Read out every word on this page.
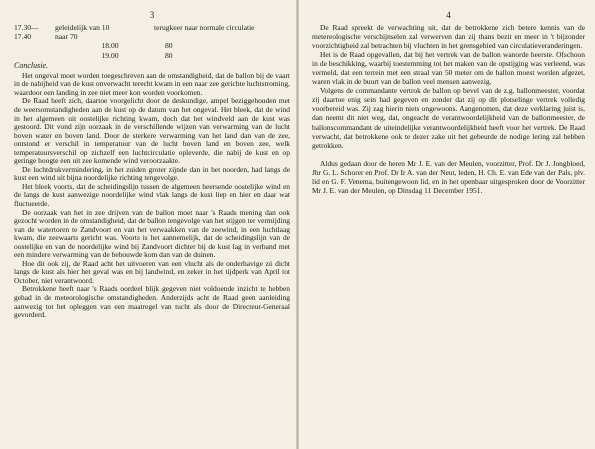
3
17.30—17.40
geleidelijk van 10 naar 70
terugkeer naar normale circulatie
18.00	80
19.00	80
Conclusie.

Het ongeval moet worden toegeschreven aan de omstandigheid, dat de ballon bij de vaart in de nabijheid van de kust onverwacht terecht kwam in een naar zee gerichte luchtstroming, waardoor een landing in zee niet meer kon worden voorkomen.

De Raad heeft zich, daartoe voorgelicht door de deskundige, ampel beziggehouden met de weersomstandigheden aan de kust op de datum van het ongeval. Het bleek, dat de wind in het algemeen uit oostelijke richting kwam, doch dat het windveld aan de kust was gestoord. Dit vond zijn oorzaak in de verschillende wijzen van verwarming van de lucht boven water en boven land. Door de sterkere verwarming van het land dan van de zee, ontstond er verschil in temperatuur van de lucht boven land en boven zee, welk temperatuursverschil op zichzelf een luchtcirculatie opleverde, die nabij de kust en op geringe hoogte een uit zee komende wind veroorzaakte.

De luchtdrukvermindering, in het zuiden groter zijnde dan in het noorden, had langs de kust een wind uit bijna noordelijke richting tengevolge.

Het bleek voorts, dat de scheidingslijn tussen de algemeen heersende oostelijke wind en de langs de kust aanwezige noordelijke wind vlak langs de kust liep en hier en daar wat fluctueerde.

De oorzaak van het in zee drijven van de ballon moet naar 's Raads mening dan ook gezocht worden in de omstandigheid, dat de ballon tengevolge van het stijgen ter vermijding van de watertoren te Zandvoort en van het verwaakken van de zeewind, in een luchtlaag kwam, die zeewaarts gericht was. Voorts is het aannemelijk, dat de scheidingslijn van de oostelijke en van de noordelijke wind bij Zandvoort dichter bij de kust lag in verband met een mindere verwarming van de bebouwde kom dan van de duinen.

Hoe dit ook zij, de Raad acht het uitvoeren van een vlucht als de onderhavige zó dicht langs de kust als hier het geval was en bij landwind, en zeker in het tijdperk van April tot October, niet verantwoord.

Betrokkene heeft naar 's Raads oordeel blijk gegeven niet voldoende inzicht te hebben gehad in de meteorologische omstandigheden. Anderzijds acht de Raad geen aanleiding aanwezig tot het opleggen van een maatregel van tucht als door de Directeur-Generaal gevorderd.

4

De Raad spreekt de verwachting uit, dat de betrokkene zich betere kennis van de metereologische verschijnselen zal verwerven dan zij thans bezit en meer in 't bijzonder voorzichtigheid zal betrachten bij vluchten in het grensgebied van circulatieveranderingen.

Het is de Raad opgevallen, dat bij het vertrek van de ballon wanorde heerste. Ofschoon in de beschikking, waarbij toestemming tot het maken van de opstijging was verleend, was vermeld, dat een terrein met een straal van 50 meter om de ballon moest worden afgezet, waren vlak in de buurt van de ballon veel mensen aanwezig.

Volgens de commandante vertrok de ballon op bevel van de z.g. ballonmeester, voordat zij daartoe enig sein had gegeven en zonder dat zij op dit plotselinge vertrek volledig voorbereid was. Zij zag hierin niets ongewoons. Aangenomen, dat deze verklaring juist is, dan neemt dit niet weg, dat, ongeacht de verantwoordelijkheid van de ballonmeester, de ballonscommandant de uiteindelijke verantwoordelijkheid heeft voor het vertrek. De Raad verwacht, dat betrokkene ook te dezer zake uit het gebeurde de nodige lering zal hebben getrokken.

Aldus gedaan door de heren Mr J. E. van der Meulen, voorzitter, Prof. Dr J. Jongbloed, Jhr G. L. Schorer en Prof. Dr Ir A. van der Neut, leden, H. Ch. E. van Ede van der Pals, plv. lid en G. F. Venema, buitengewoon lid, en in het openbaar uitgesproken door de Voorzitter Mr J. E. van der Meulen, op Dinsdag 11 December 1951.
